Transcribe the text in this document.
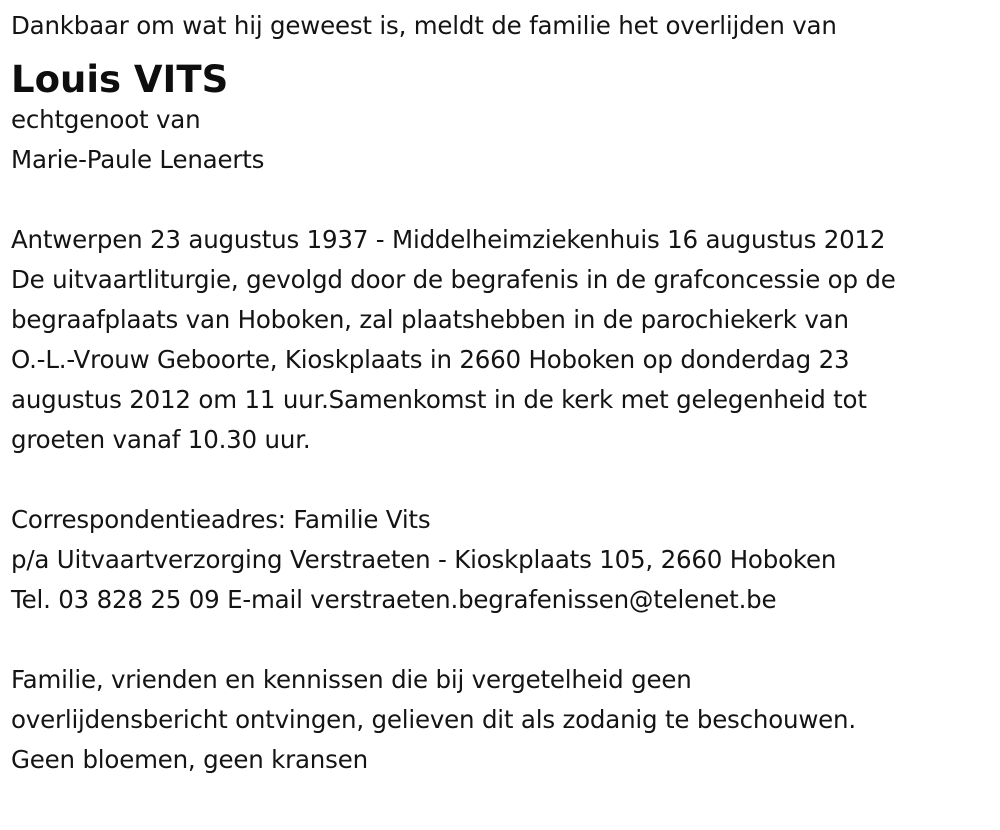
Dankbaar om wat hij geweest is, meldt de familie het overlijden van
Louis VITS
echtgenoot van
Marie-Paule Lenaerts
Antwerpen 23 augustus 1937 - Middelheimziekenhuis 16 augustus 2012
De uitvaartliturgie, gevolgd door de begrafenis in de grafconcessie op de
begraafplaats van Hoboken, zal plaatshebben in de parochiekerk van
O.-L.-Vrouw Geboorte, Kioskplaats in 2660 Hoboken op donderdag 23
augustus 2012 om 11 uur.Samenkomst in de kerk met gelegenheid tot
groeten vanaf 10.30 uur.
Correspondentieadres: Familie Vits
p/a Uitvaartverzorging Verstraeten - Kioskplaats 105, 2660 Hoboken
Tel. 03 828 25 09 E-mail verstraeten.begrafenissen@telenet.be
Familie, vrienden en kennissen die bij vergetelheid geen
overlijdensbericht ontvingen, gelieven dit als zodanig te beschouwen.
Geen bloemen, geen kransen
